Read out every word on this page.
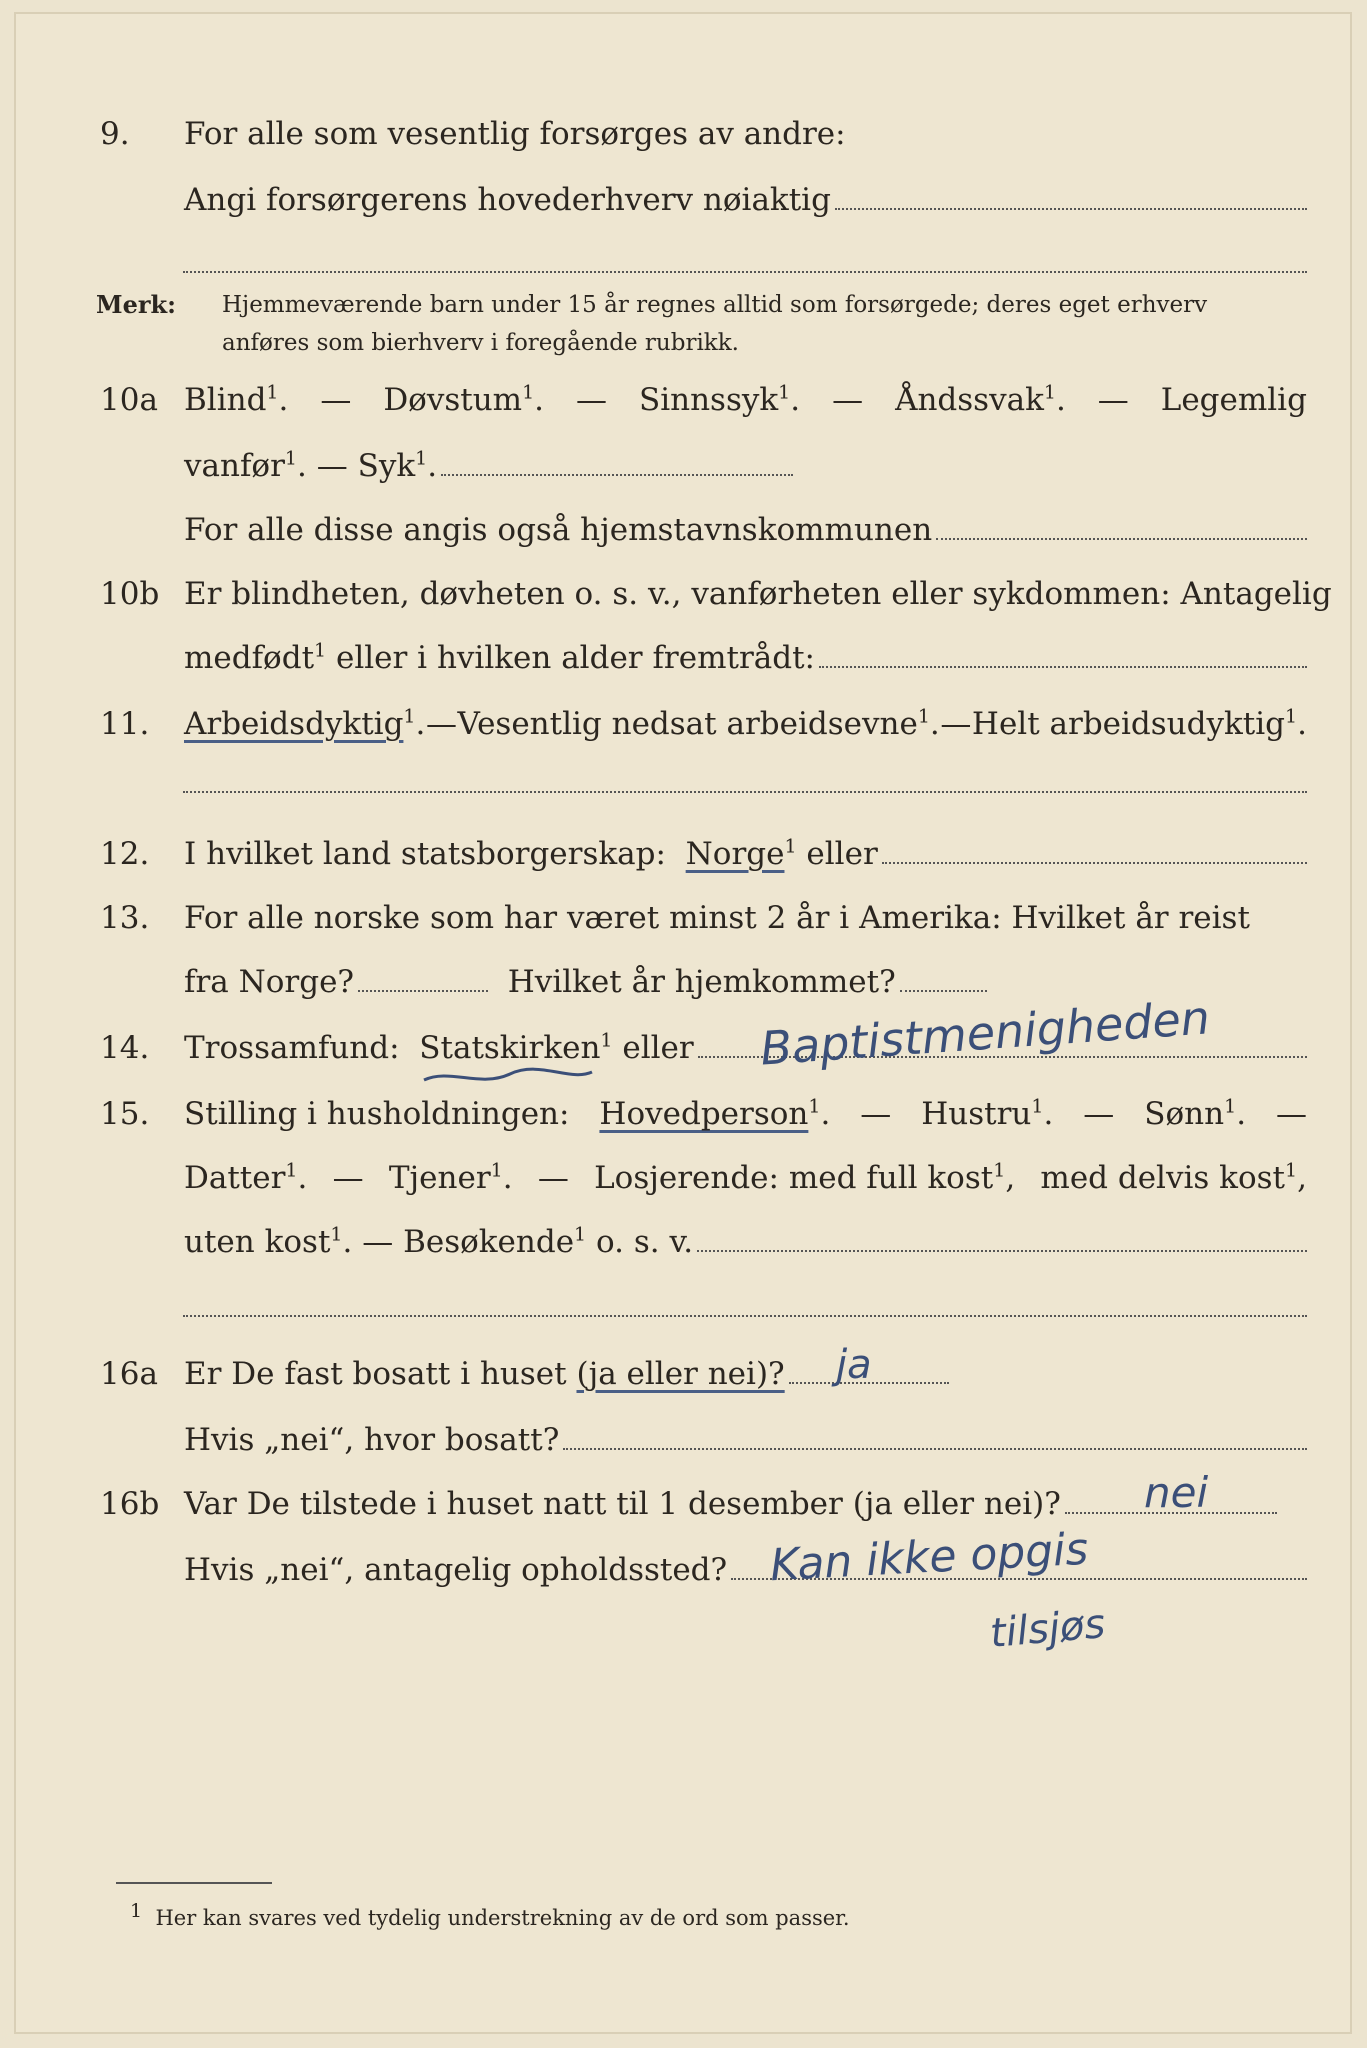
9. For alle som vesentlig forsørges av andre:
Angi forsørgerens hovederhverv nøiaktig
Merk: Hjemmeværende barn under 15 år regnes alltid som forsørgede; deres eget erhverv
anføres som bierhverv i foregående rubrikk.
10a Blind$^1$. — Døvstum$^1$. — Sinnssyk$^1$. — Åndssvak$^1$. — Legemlig
vanfør$^1$. — Syk$^1$.
For alle disse angis også hjemstavnskommunen
10b Er blindheten, døvheten o. s. v., vanførheten eller sykdommen: Antagelig
medfødt$^1$ eller i hvilken alder fremtrådt:
11. Arbeidsdyktig$^1$. — Vesentlig nedsat arbeidsevne$^1$. — Helt arbeidsudyktig$^1$.
12. I hvilket land statsborgerskap:
Norge$^1$
eller
13. For alle norske som har været minst 2 år i Amerika: Hvilket år reist
fra Norge?
	Hvilket år hjemkommet?
14. Trossamfund:
Statskirken$^1$
eller Baptistmenigheden
15. Stilling i husholdningen: Hovedperson$^1$. — Hustru$^1$. — Sønn$^1$. —
Datter$^1$. — Tjener$^1$. — Losjerende: med full kost$^1$, med delvis kost$^1$,
uten kost$^1$. — Besøkende$^1$ o. s. v.
16a Er De fast bosatt i huset
(ja eller nei)? ja
Hvis „nei“, hvor bosatt?
16b Var De tilstede i huset natt til 1 desember (ja eller nei)? nei
Hvis „nei“, antagelig opholdssted? Kan ikke opgis
tilsjøs
1 Her kan svares ved tydelig understrekning av de ord som passer.
